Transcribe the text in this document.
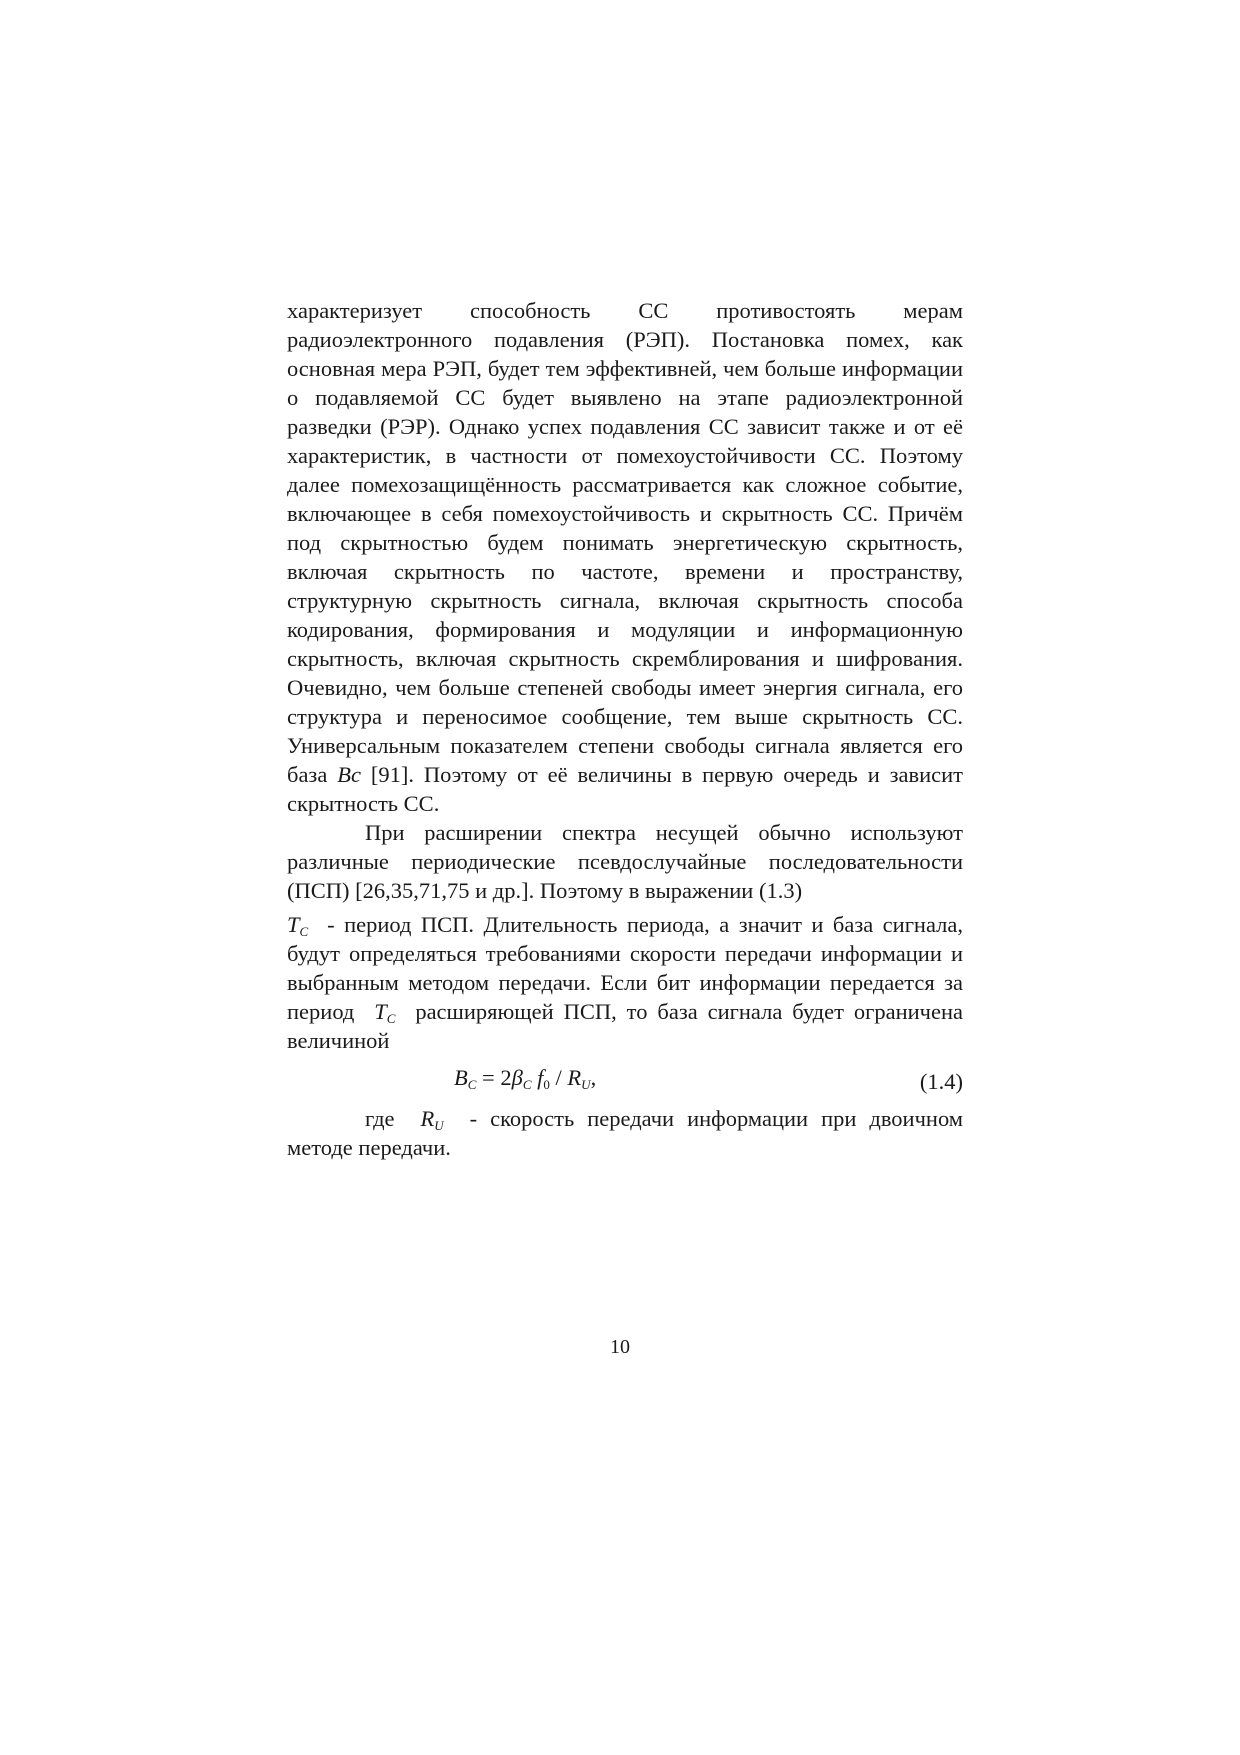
характеризует способность СС противостоять мерам радиоэлектронного подавления (РЭП). Постановка помех, как основная мера РЭП, будет тем эффективней, чем больше информации о подавляемой СС будет выявлено на этапе радиоэлектронной разведки (РЭР). Однако успех подавления СС зависит также и от её характеристик, в частности от помехоустойчивости СС. Поэтому далее помехозащищённость рассматривается как сложное событие, включающее в себя помехоустойчивость и скрытность СС. Причём под скрытностью будем понимать энергетическую скрытность, включая скрытность по частоте, времени и пространству, структурную скрытность сигнала, включая скрытность способа кодирования, формирования и модуляции и информационную скрытность, включая скрытность скремблирования и шифрования. Очевидно, чем больше степеней свободы имеет энергия сигнала, его структура и переносимое сообщение, тем выше скрытность СС. Универсальным показателем степени свободы сигнала является его база Bc [91]. Поэтому от её величины в первую очередь и зависит скрытность СС.

При расширении спектра несущей обычно используют различные периодические псевдослучайные последовательности (ПСП) [26,35,71,75 и др.]. Поэтому в выражении (1.3)

$T_C$ - период ПСП. Длительность периода, а значит и база сигнала, будут определяться требованиями скорости передачи информации и выбранным методом передачи. Если бит информации передается за период $T_C$ расширяющей ПСП, то база сигнала будет ограничена величиной

$B_C = 2\beta_C$ $f_0 / R_U$,	(1.4)

где $R_U$ - скорость передачи информации при двоичном методе передачи.

10
